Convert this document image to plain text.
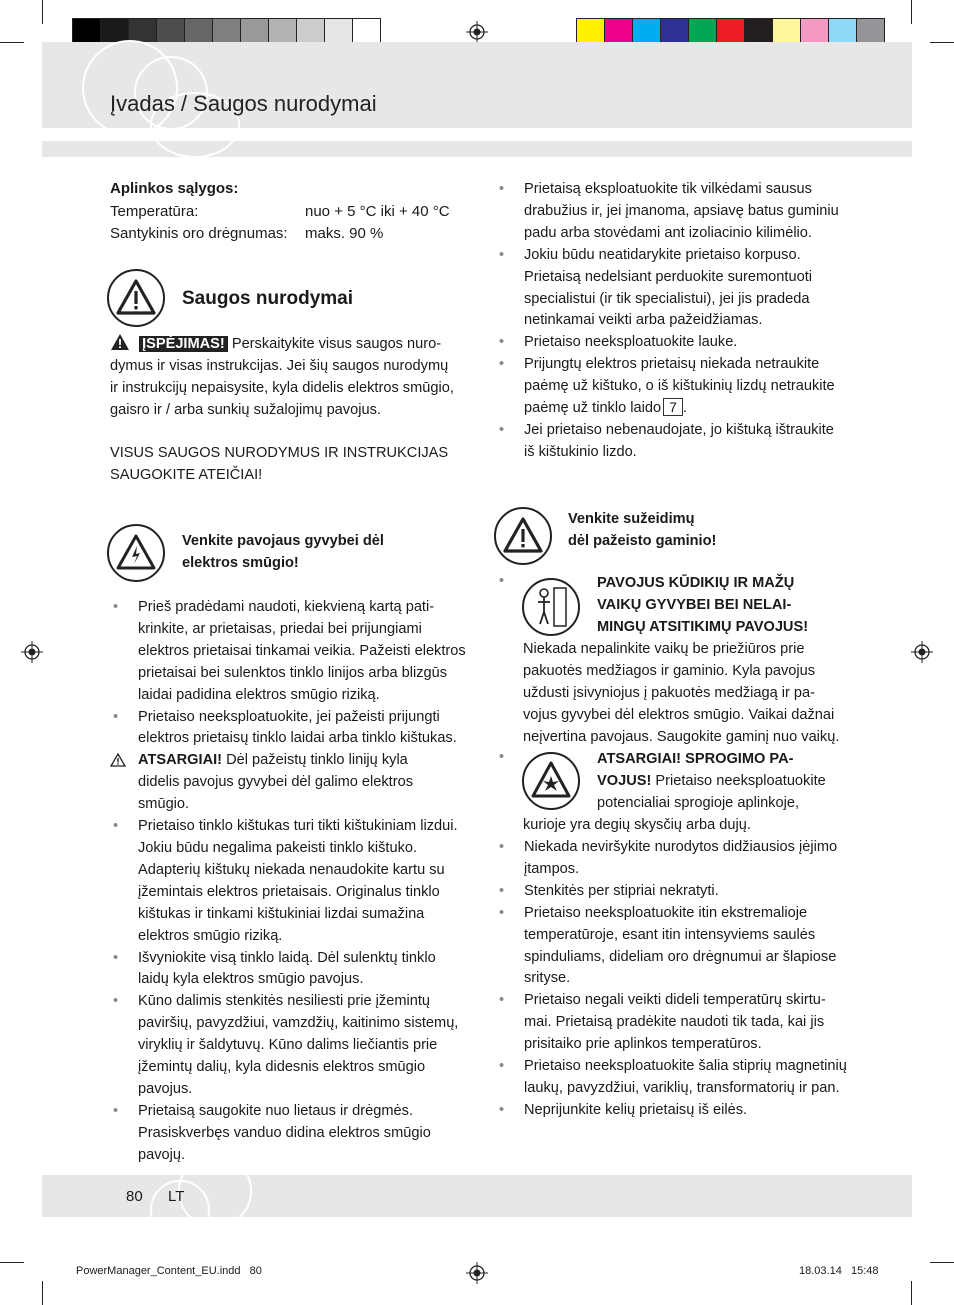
Įvadas / Saugos nurodymai
Aplinkos sąlygos:
Temperatūra:	nuo + 5 °C iki + 40 °C
Santykinis oro drėgnumas: maks. 90 %
Saugos nurodymai
ĮSPĖJIMAS! Perskaitykite visus saugos nuro-
dymus ir visas instrukcijas. Jei šių saugos nurodymų
ir instrukcijų nepaisysite, kyla didelis elektros smūgio,
gaisro ir / arba sunkių sužalojimų pavojus.
VISUS SAUGOS NURODYMUS IR INSTRUKCIJAS
SAUGOKITE ATEIČIAI!
Venkite pavojaus gyvybei dėl
elektros smūgio!
• Prieš pradėdami naudoti, kiekvieną kartą pati-
krinkite, ar prietaisas, priedai bei prijungiami
elektros prietaisai tinkamai veikia. Pažeisti elektros
prietaisai bei sulenktos tinklo linijos arba blizgūs
laidai padidina elektros smūgio riziką.
• Prietaiso neeksploatuokite, jei pažeisti prijungti
elektros prietaisų tinklo laidai arba tinklo kištukas.
ATSARGIAI! Dėl pažeistų tinklo linijų kyla
didelis pavojus gyvybei dėl galimo elektros
smūgio.
• Prietaiso tinklo kištukas turi tikti kištukiniam lizdui.
Jokiu būdu negalima pakeisti tinklo kištuko.
Adapterių kištukų niekada nenaudokite kartu su
įžemintais elektros prietaisais. Originalus tinklo
kištukas ir tinkami kištukiniai lizdai sumažina
elektros smūgio riziką.
• Išvyniokite visą tinklo laidą. Dėl sulenktų tinklo
laidų kyla elektros smūgio pavojus.
• Kūno dalimis stenkitės nesiliesti prie įžemintų
paviršių, pavyzdžiui, vamzdžių, kaitinimo sistemų,
viryklių ir šaldytuvų. Kūno dalims liečiantis prie
įžemintų dalių, kyla didesnis elektros smūgio
pavojus.
• Prietaisą saugokite nuo lietaus ir drėgmės.
Prasiskverbęs vanduo didina elektros smūgio
pavojų.
• Prietaisą eksploatuokite tik vilkėdami sausus
drabužius ir, jei įmanoma, apsiavę batus guminiu
padu arba stovėdami ant izoliacinio kilimėlio.
• Jokiu būdu neatidarykite prietaiso korpuso.
Prietaisą nedelsiant perduokite suremontuoti
specialistui (ir tik specialistui), jei jis pradeda
netinkamai veikti arba pažeidžiamas.
• Prietaiso neeksploatuokite lauke.
• Prijungtų elektros prietaisų niekada netraukite
paėmę už kištuko, o iš kištukinių lizdų netraukite
paėmę už tinklo laido 7 .
• Jei prietaiso nebenaudojate, jo kištuką ištraukite
iš kištukinio lizdo.
Venkite sužeidimų
dėl pažeisto gaminio!
•	PAVOJUS KŪDIKIŲ IR MAŽŲ
VAIKŲ GYVYBEI BEI NELAI-
MINGŲ ATSITIKIMŲ PAVOJUS!
Niekada nepalinkite vaikų be priežiūros prie
pakuotės medžiagos ir gaminio. Kyla pavojus
uždusti įsivyniojus į pakuotės medžiagą ir pa-
vojus gyvybei dėl elektros smūgio. Vaikai dažnai
neįvertina pavojaus. Saugokite gaminį nuo vaikų.
•	ATSARGIAI! SPROGIMO PA-
VOJUS! Prietaiso neeksploatuokite
potencialiai sprogioje aplinkoje,
kurioje yra degių skysčių arba dujų.
• Niekada neviršykite nurodytos didžiausios įėjimo
įtampos.
• Stenkitės per stipriai nekratyti.
• Prietaiso neeksploatuokite itin ekstremalioje
temperatūroje, esant itin intensyviems saulės
spinduliams, dideliam oro drėgnumui ar šlapiose
srityse.
• Prietaiso negali veikti dideli temperatūrų skirtu-
mai. Prietaisą pradėkite naudoti tik tada, kai jis
prisitaiko prie aplinkos temperatūros.
• Prietaiso neeksploatuokite šalia stiprių magnetinių
laukų, pavyzdžiui, variklių, transformatorių ir pan.
• Neprijunkite kelių prietaisų iš eilės.
80 LT
PowerManager_Content_EU.indd   80	18.03.14   15:48
